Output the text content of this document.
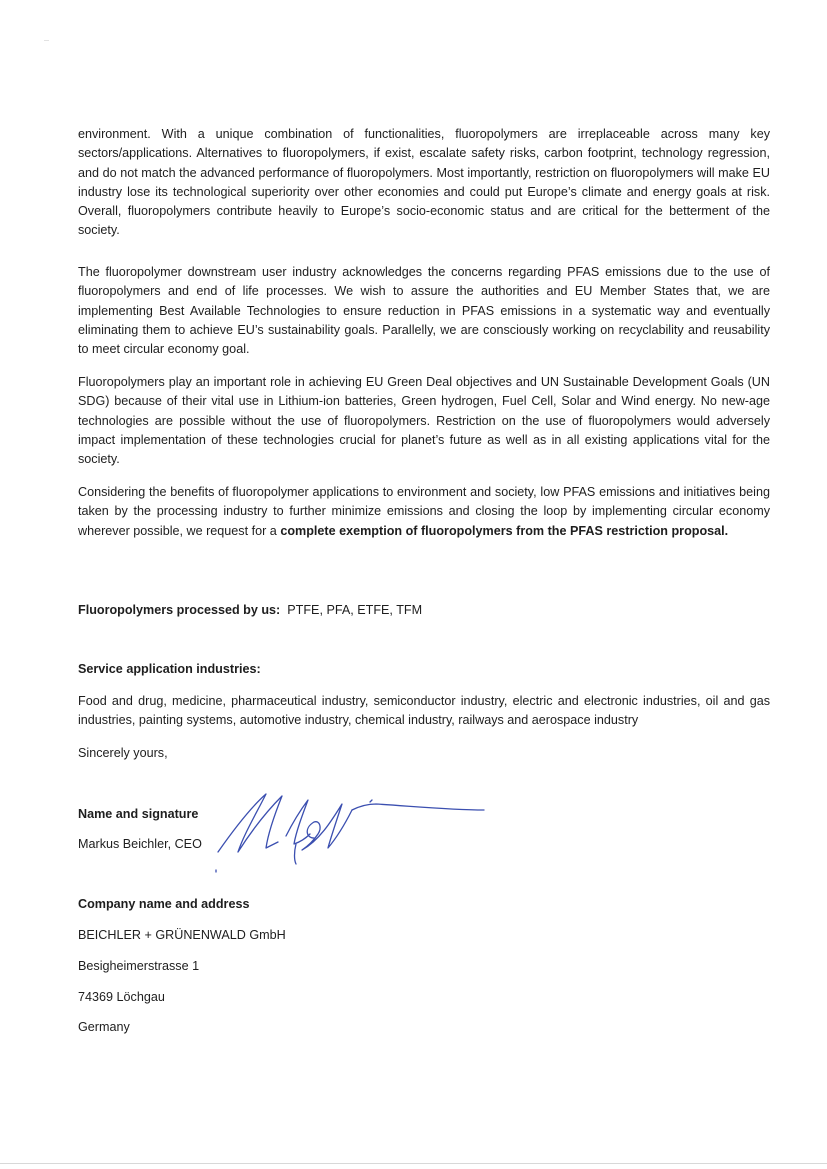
environment. With a unique combination of functionalities, fluoropolymers are irreplaceable across many key sectors/applications. Alternatives to fluoropolymers, if exist, escalate safety risks, carbon footprint, technology regression, and do not match the advanced performance of fluoropolymers. Most importantly, restriction on fluoropolymers will make EU industry lose its technological superiority over other economies and could put Europe’s climate and energy goals at risk. Overall, fluoropolymers contribute heavily to Europe’s socio-economic status and are critical for the betterment of the society.

The fluoropolymer downstream user industry acknowledges the concerns regarding PFAS emissions due to the use of fluoropolymers and end of life processes. We wish to assure the authorities and EU Member States that, we are implementing Best Available Technologies to ensure reduction in PFAS emissions in a systematic way and eventually eliminating them to achieve EU’s sustainability goals. Parallelly, we are consciously working on recyclability and reusability to meet circular economy goal.

Fluoropolymers play an important role in achieving EU Green Deal objectives and UN Sustainable Development Goals (UN SDG) because of their vital use in Lithium-ion batteries, Green hydrogen, Fuel Cell, Solar and Wind energy. No new-age technologies are possible without the use of fluoropolymers. Restriction on the use of fluoropolymers would adversely impact implementation of these technologies crucial for planet’s future as well as in all existing applications vital for the society.

Considering the benefits of fluoropolymer applications to environment and society, low PFAS emissions and initiatives being taken by the processing industry to further minimize emissions and closing the loop by implementing circular economy wherever possible, we request for a complete exemption of fluoropolymers from the PFAS restriction proposal.

Fluoropolymers processed by us: PTFE, PFA, ETFE, TFM

Service application industries:

Food and drug, medicine, pharmaceutical industry, semiconductor industry, electric and electronic industries, oil and gas industries, painting systems, automotive industry, chemical industry, railways and aerospace industry

Sincerely yours,

Name and signature

Markus Beichler, CEO

Company name and address

BEICHLER + GRÜNENWALD GmbH

Besigheimerstrasse 1

74369 Löchgau

Germany
